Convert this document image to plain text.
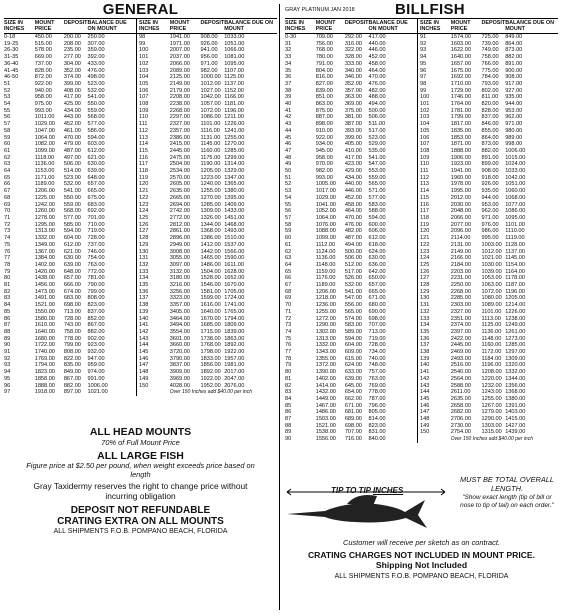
GENERAL
SIZE IN INCHES	MOUNT PRICE	DEPOSIT	BALANCE DUE ON MOUNT	SIZE IN INCHES	MOUNT PRICE	DEPOSIT	BALANCE DUE ON MOUNT
0-18	450.00	200.00	250.00	98	1941.00	908.00	1033.00
19-25	515.00	208.00	307.00	99	1971.00	926.00	1051.00
26-30	578.00	235.00	359.00	100	2007.00	941.00	1066.00
31-35	669.00	277.00	392.00	101	2037.00	956.00	1081.00
36-40	737.00	304.00	433.00	102	2066.00	971.00	1095.00
41-45	828.00	352.00	476.00	103	2089.00	982.00	1107.00
46-50	872.00	374.00	498.00	104	2125.00	1000.00	1125.00
51	922.00	399.00	523.00	105	2149.00	1012.00	1137.00
52	940.00	408.00	532.00	106	2179.00	1027.00	1152.00
53	958.00	417.00	541.00	107	2208.00	1042.00	1166.00
54	975.00	425.00	550.00	108	2238.00	1057.00	1181.00
55	993.00	434.00	559.00	109	2268.00	1072.00	1196.00
56	1011.00	443.00	568.00	110	2297.00	1086.00	1211.00
57	1029.00	452.00	577.00	111	2327.00	1101.00	1226.00
58	1047.00	461.00	586.00	112	2357.00	1116.00	1241.00
59	1064.00	470.00	594.00	113	2386.00	1131.00	1255.00
60	1082.00	479.00	603.00	114	2415.00	1145.00	1270.00
61	1099.00	487.00	612.00	115	2445.00	1160.00	1285.00
62	1118.00	497.00	621.00	116	2475.00	1175.00	1299.00
63	1136.00	506.00	630.00	117	2504.00	1190.00	1314.00
64	1153.00	514.00	639.00	118	2534.00	1205.00	1329.00
65	1171.00	523.00	648.00	119	2570.00	1223.00	1347.00
66	1189.00	532.00	657.00	120	2605.00	1240.00	1365.00
67	1206.00	541.00	665.00	121	2635.00	1255.00	1380.00
68	1225.00	550.00	675.00	122	2665.00	1270.00	1395.00
69	1242.00	559.00	683.00	123	2694.00	1285.00	1409.00
70	1260.00	568.00	692.00	124	2742.00	1309.00	1433.00
71	1278.00	577.00	701.00	125	2772.00	1326.00	1451.00
72	1295.00	585.00	710.00	126	2812.00	1344.00	1468.00
73	1313.00	594.00	719.00	127	2861.00	1368.00	1493.00
74	1332.00	604.00	728.00	128	2896.00	1386.00	1510.00
75	1349.00	612.00	737.00	129	2949.00	1412.00	1537.00
76	1367.00	621.00	746.00	130	3008.00	1442.00	1566.00
77	1384.00	630.00	754.00	131	3055.00	1465.00	1590.00
78	1402.00	639.00	763.00	132	3097.00	1486.00	1611.00
79	1420.00	648.00	772.00	133	3132.00	1504.00	1628.00
80	1438.00	657.00	781.00	134	3180.00	1528.00	1652.00
81	1456.00	666.00	790.00	135	3216.00	1546.00	1670.00
82	1473.00	674.00	799.00	136	3256.00	1581.00	1705.00
83	1491.00	683.00	808.00	137	3323.00	1599.00	1724.00
84	1521.00	698.00	823.00	138	3357.00	1616.00	1741.00
85	1550.00	713.00	837.00	139	3405.00	1640.00	1765.00
86	1580.00	728.00	852.00	140	3464.00	1670.00	1794.00
87	1610.00	743.00	867.00	141	3494.00	1685.00	1809.00
88	1640.00	758.00	882.00	142	3554.00	1715.00	1839.00
89	1680.00	778.00	902.00	143	3601.00	1738.00	1863.00
90	1722.00	799.00	923.00	144	3660.00	1768.00	1892.00
91	1740.00	808.00	932.00	145	3720.00	1798.00	1922.00
92	1769.00	822.00	947.00	146	3790.00	1833.00	1957.00
93	1794.00	835.00	959.00	147	3837.00	1856.00	1981.00
94	1823.00	849.00	974.00	148	3909.00	1892.00	2017.00
95	1858.00	867.00	991.00	149	3969.00	1922.00	2047.00
96	1888.00	882.00	1006.00	150	4028.00	1952.00	2076.00
97	1918.00	897.00	1021.00		Over 150 Inches add $40.00 per inch		
ALL HEAD MOUNTS
70% of Full Mount Price
ALL LARGE FISH
Figure price at $2.50 per pound, when weight exceeds price based on length
Gray Taxidermy reserves the right to change price without incurring obligation
DEPOSIT NOT REFUNDABLE
CRATING EXTRA ON ALL MOUNTS
ALL SHIPMENTS F.O.B. POMPANO BEACH, FLORIDA
GRAY PLATINUM JAN 2018	BILLFISH
SIZE IN INCHES	MOUNT PRICE	DEPOSIT	BALANCE DUE ON MOUNT	SIZE IN INCHES	MOUNT PRICE	DEPOSIT	BALANCE DUE ON MOUNT
0-30	709.00	292.00	417.00	91	1574.00	725.00	849.00
31	756.00	316.00	440.00	92	1603.00	739.00	864.00
32	768.00	322.00	446.00	93	1622.00	749.00	873.00
33	780.00	328.00	452.00	94	1640.00	758.00	882.00
34	791.00	333.00	458.00	95	1657.00	766.00	891.00
35	804.00	340.00	464.00	96	1675.00	775.00	900.00
36	816.00	346.00	470.00	97	1692.00	784.00	908.00
37	827.00	352.00	476.00	98	1710.00	793.00	917.00
38	839.00	357.00	482.00	99	1729.00	802.00	927.00
39	851.00	363.00	488.00	100	1746.00	811.00	935.00
40	863.00	369.00	494.00	101	1764.00	820.00	944.00
41	875.00	375.00	500.00	102	1781.00	828.00	953.00
42	887.00	381.00	506.00	103	1799.00	837.00	962.00
43	898.00	387.00	511.00	104	1817.00	846.00	971.00
44	910.00	393.00	517.00	105	1835.00	855.00	980.00
45	922.00	399.00	523.00	106	1853.00	864.00	989.00
46	934.00	405.00	529.00	107	1871.00	873.00	998.00
47	945.00	410.00	535.00	108	1888.00	882.00	1006.00
48	958.00	417.00	541.00	109	1906.00	891.00	1015.00
49	970.00	423.00	547.00	110	1923.00	899.00	1024.00
50	982.00	429.00	553.00	111	1941.00	908.00	1033.00
51	993.00	434.00	559.00	112	1960.00	918.00	1042.00
52	1005.00	440.00	565.00	113	1978.00	926.00	1051.00
53	1017.00	446.00	571.00	114	1995.00	935.00	1060.00
54	1029.00	452.00	577.00	115	2012.00	944.00	1068.00
55	1041.00	458.00	583.00	116	2030.00	953.00	1077.00
56	1052.00	464.00	588.00	117	2048.00	962.00	1086.00
57	1064.00	470.00	594.00	118	2066.00	971.00	1095.00
58	1076.00	476.00	600.00	119	2077.00	976.00	1101.00
59	1088.00	482.00	606.00	120	2096.00	986.00	1110.00
60	1099.00	487.00	612.00	121	2114.00	995.00	1119.00
61	1112.00	494.00	618.00	122	2131.00	1003.00	1128.00
62	1124.00	500.00	624.00	123	2149.00	1012.00	1137.00
63	1136.00	506.00	630.00	124	2166.00	1021.00	1145.00
64	1148.00	512.00	636.00	125	2184.00	1030.00	1154.00
65	1159.00	517.00	642.00	126	2203.00	1039.00	1164.00
66	1176.00	526.00	650.00	127	2231.00	1053.00	1178.00
67	1189.00	532.00	657.00	128	2250.00	1063.00	1187.00
68	1206.00	541.00	665.00	129	2268.00	1072.00	1196.00
69	1218.00	547.00	671.00	130	2285.00	1080.00	1205.00
70	1236.00	556.00	680.00	131	2303.00	1089.00	1214.00
71	1255.00	565.00	690.00	132	2327.00	1101.00	1226.00
72	1272.00	574.00	698.00	133	2351.00	1113.00	1238.00
73	1290.00	583.00	707.00	134	2374.00	1125.00	1249.00
74	1302.00	589.00	713.00	135	2397.00	1136.00	1261.00
75	1313.00	594.00	719.00	136	2422.00	1148.00	1273.00
76	1332.00	604.00	728.00	137	2445.00	1160.00	1285.00
77	1343.00	609.00	734.00	138	2469.00	1172.00	1297.00
78	1355.00	615.00	740.00	139	2493.00	1184.00	1309.00
79	1372.00	624.00	748.00	140	2516.00	1196.00	1320.00
80	1390.00	633.00	757.00	141	2540.00	1208.00	1332.00
81	1402.00	639.00	763.00	142	2564.00	1220.00	1344.00
82	1414.00	645.00	769.00	143	2588.00	1232.00	1356.00
83	1432.00	654.00	778.00	144	2611.00	1243.00	1368.00
84	1449.00	662.00	787.00	145	2635.00	1255.00	1380.00
85	1467.00	671.00	796.00	146	2658.00	1267.00	1391.00
86	1486.00	681.00	805.00	147	2682.00	1279.00	1403.00
87	1503.00	689.00	814.00	148	2706.00	1290.00	1415.00
88	1521.00	698.00	823.00	149	2730.00	1303.00	1427.00
89	1538.00	707.00	831.00	150	2754.00	1315.00	1439.00
90	1556.00	716.00	840.00		Over 150 Inches add $40.00 per inch		
TIP TO TIP INCHES
MUST BE TOTAL OVERALL LENGTH.
"Show exact length (tip of bill or nose to tip of tail) on each order."
Customer will receive per sketch as on contract.
CRATING CHARGES NOT INCLUDED IN MOUNT PRICE.
Shipping Not Included
ALL SHIPMENTS F.O.B. POMPANO BEACH, FLORIDA
